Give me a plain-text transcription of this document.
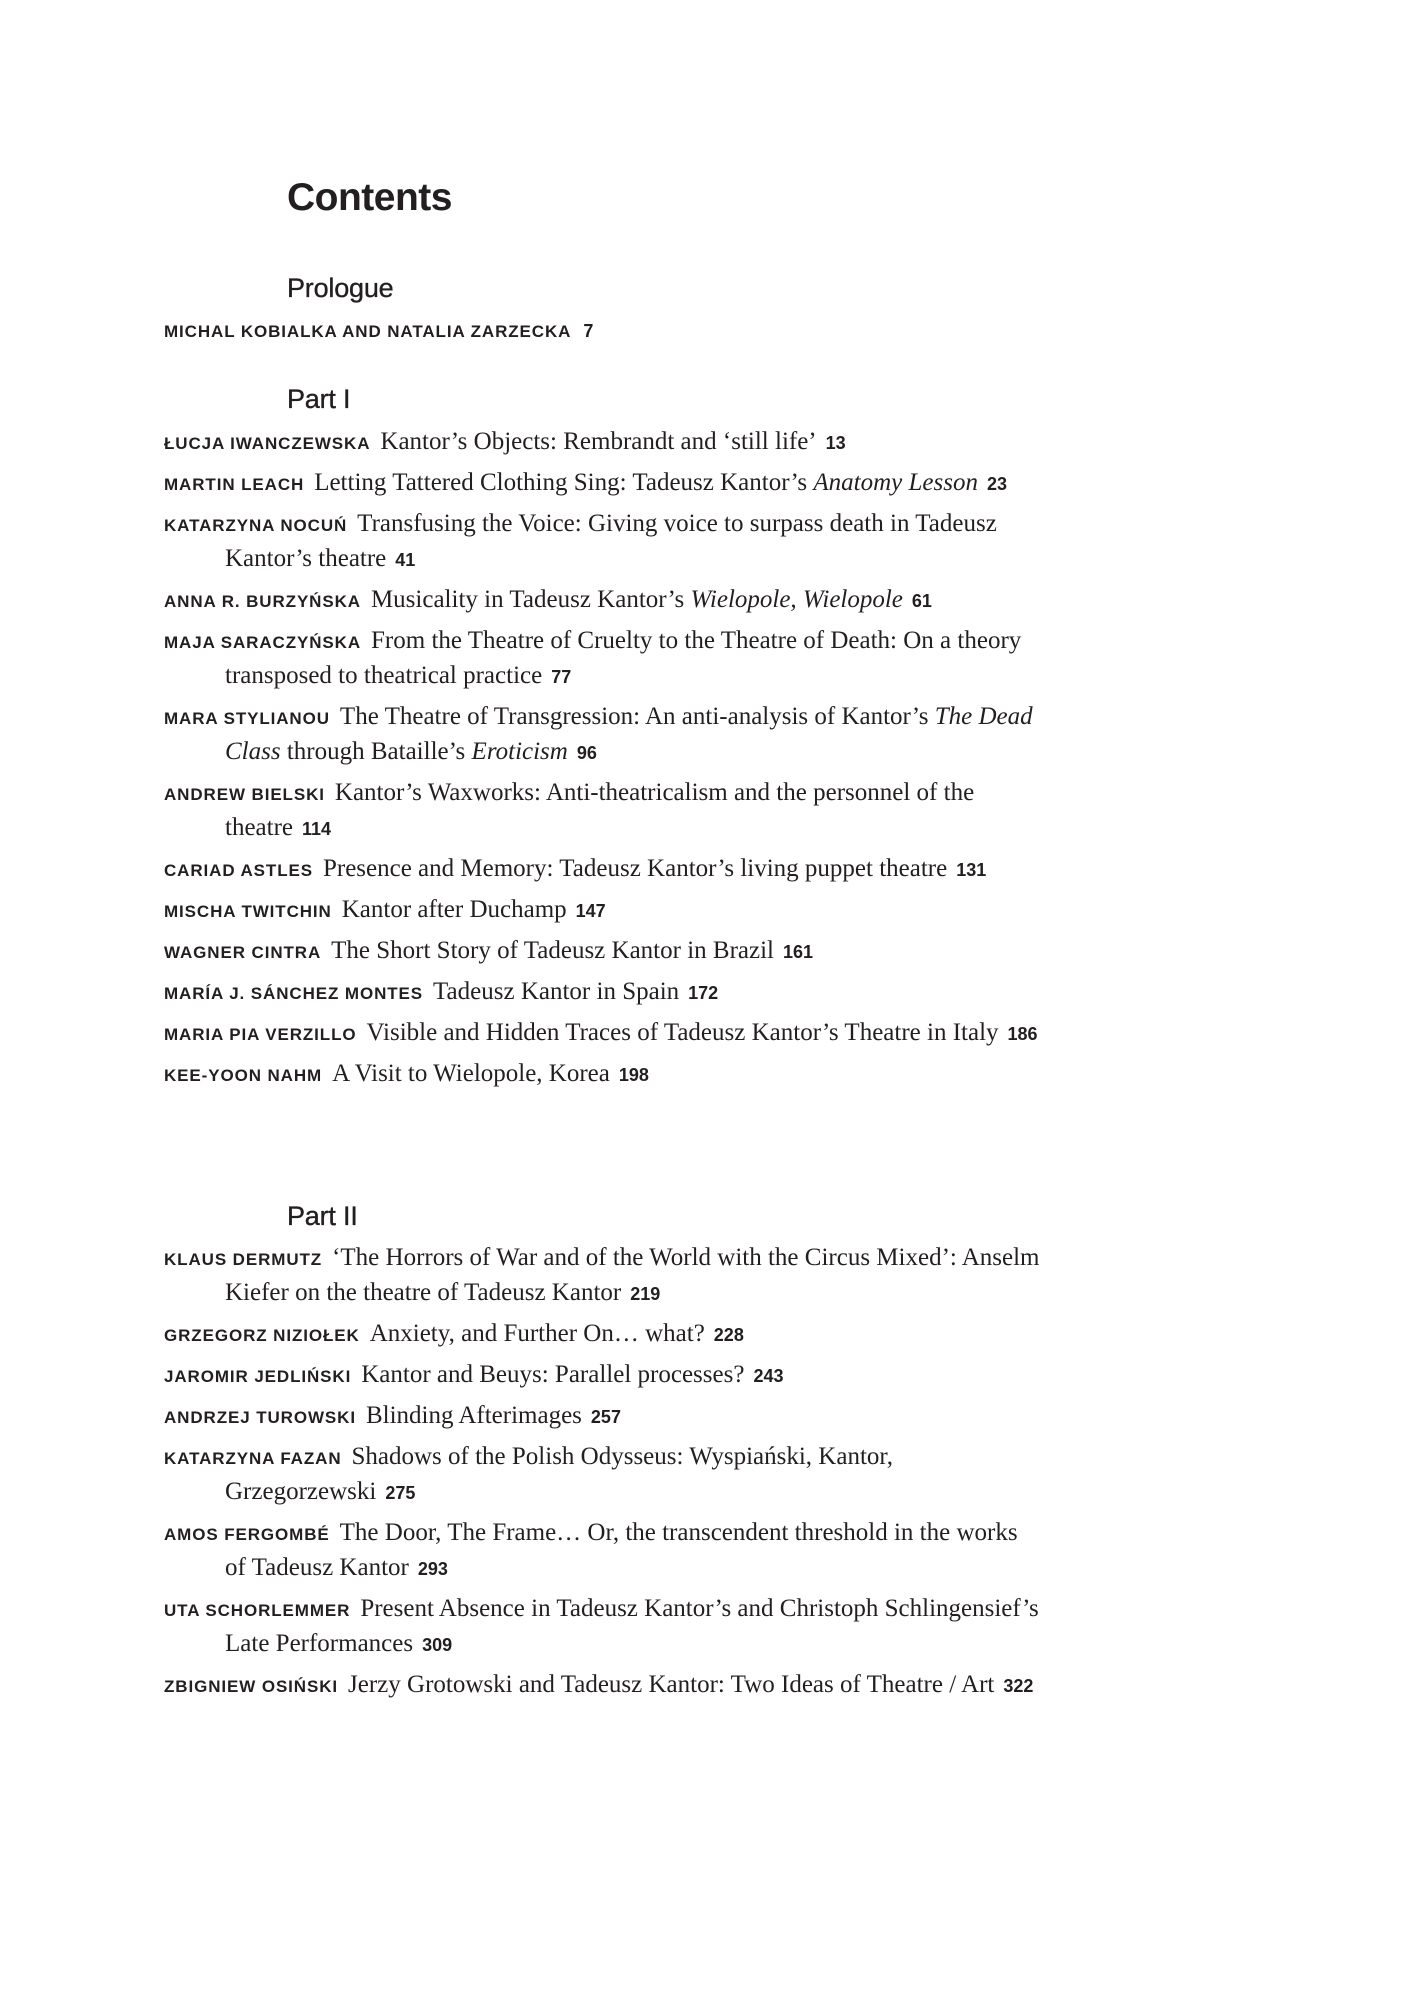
Contents
Prologue
MICHAL KOBIALKA AND NATALIA ZARZECKA 7
Part I
ŁUCJA IWANCZEWSKA Kantor’s Objects: Rembrandt and ‘still life’ 13
MARTIN LEACH Letting Tattered Clothing Sing: Tadeusz Kantor’s Anatomy Lesson 23
KATARZYNA NOCUŃ Transfusing the Voice: Giving voice to surpass death in Tadeusz Kantor’s theatre 41
ANNA R. BURZYŃSKA Musicality in Tadeusz Kantor’s Wielopole, Wielopole 61
MAJA SARACZYŃSKA From the Theatre of Cruelty to the Theatre of Death: On a theory transposed to theatrical practice 77
MARA STYLIANOU The Theatre of Transgression: An anti-analysis of Kantor’s The Dead Class through Bataille’s Eroticism 96
ANDREW BIELSKI Kantor’s Waxworks: Anti-theatricalism and the personnel of the theatre 114
CARIAD ASTLES Presence and Memory: Tadeusz Kantor’s living puppet theatre 131
MISCHA TWITCHIN Kantor after Duchamp 147
WAGNER CINTRA The Short Story of Tadeusz Kantor in Brazil 161
MARÍA J. SÁNCHEZ MONTES Tadeusz Kantor in Spain 172
MARIA PIA VERZILLO Visible and Hidden Traces of Tadeusz Kantor’s Theatre in Italy 186
KEE-YOON NAHM A Visit to Wielopole, Korea 198
Part II
KLAUS DERMUTZ ‘The Horrors of War and of the World with the Circus Mixed’: Anselm Kiefer on the theatre of Tadeusz Kantor 219
GRZEGORZ NIZIOŁEK Anxiety, and Further On… what? 228
JAROMIR JEDLIŃSKI Kantor and Beuys: Parallel processes? 243
ANDRZEJ TUROWSKI Blinding Afterimages 257
KATARZYNA FAZAN Shadows of the Polish Odysseus: Wyspiański, Kantor, Grzegorzewski 275
AMOS FERGOMBÉ The Door, The Frame… Or, the transcendent threshold in the works of Tadeusz Kantor 293
UTA SCHORLEMMER Present Absence in Tadeusz Kantor’s and Christoph Schlingensief’s Late Performances 309
ZBIGNIEW OSIŃSKI Jerzy Grotowski and Tadeusz Kantor: Two Ideas of Theatre / Art 322
